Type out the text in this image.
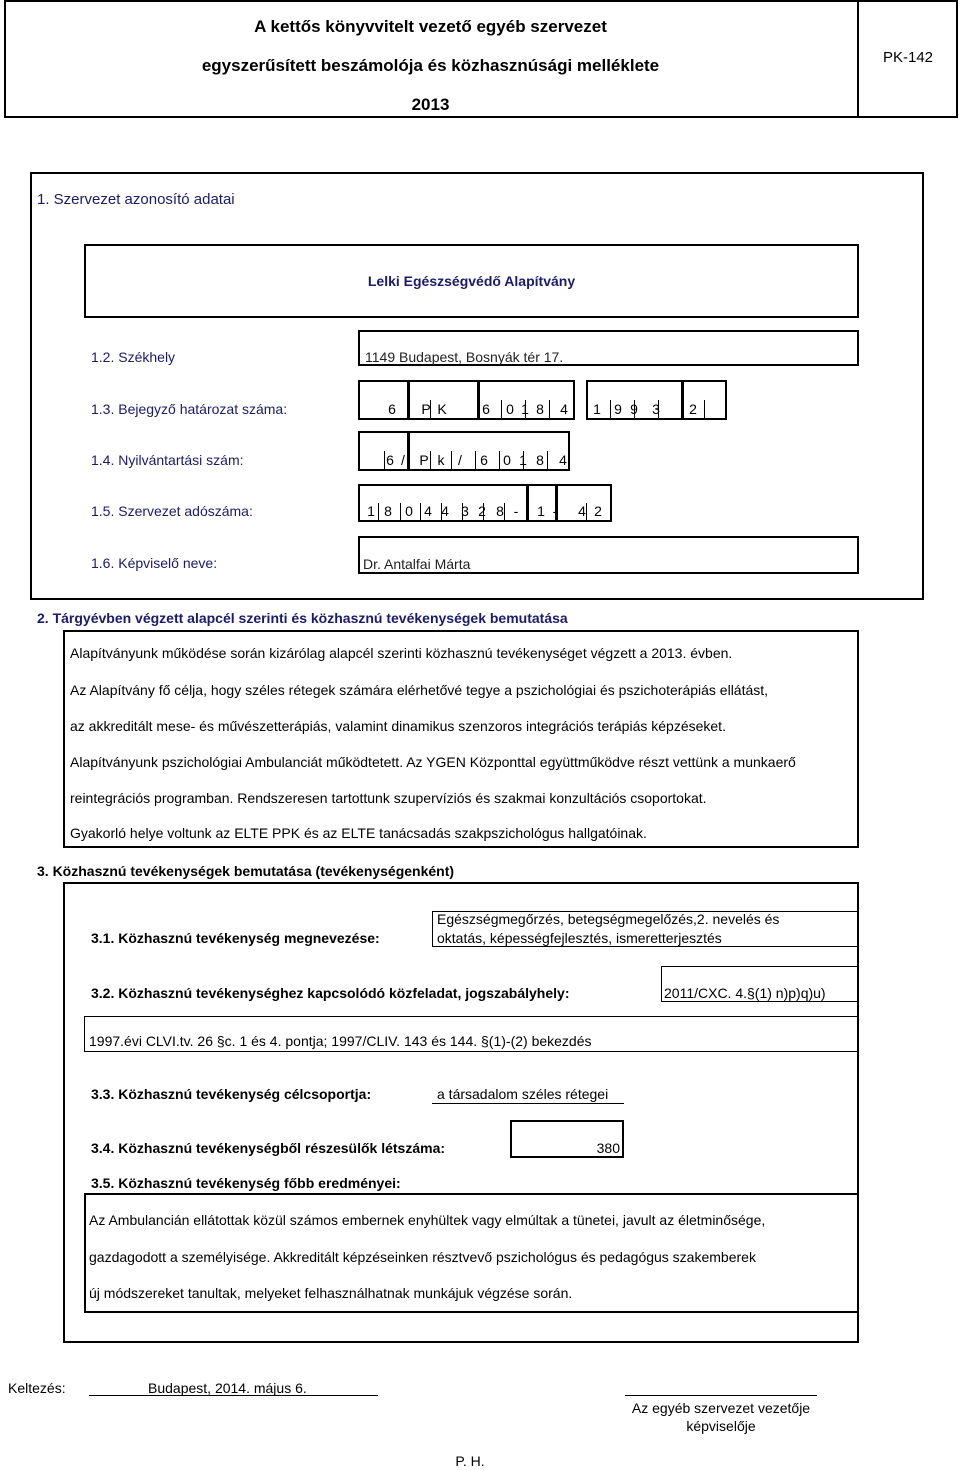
A kettős könyvvitelt vezető egyéb szervezet
egyszerűsített beszámolója és közhasznúsági melléklete
2013
PK-142
1. Szervezet azonosító adatai
Lelki Egészségvédő Alapítvány
1.2. Székhely	1149 Budapest, Bosnyák tér 17.
1.3. Bejegyző határozat száma:	6 P K	6 0 1 8 4 1 9 9 3 2
1.4. Nyilvántartási szám:	6 /	P k /	6 0 1 8 4
1.5. Szervezet adószáma:	1 8 0 4 4 3 2 8 -	1 -	4 2
1.6. Képviselő neve:	Dr. Antalfai Márta
2. Tárgyévben végzett alapcél szerinti és közhasznú tevékenységek bemutatása
Alapítványunk működése során kizárólag alapcél szerinti közhasznú tevékenységet végzett a 2013. évben.
Az Alapítvány fő célja, hogy széles rétegek számára elérhetővé tegye a pszichológiai és pszichoterápiás ellátást,
az akkreditált mese- és művészetterápiás, valamint dinamikus szenzoros integrációs terápiás képzéseket.
Alapítványunk pszichológiai Ambulanciát működtetett. Az YGEN Központtal együttműködve részt vettünk a munkaerő
reintegrációs programban. Rendszeresen tartottunk szupervíziós és szakmai konzultációs csoportokat.
Gyakorló helye voltunk az ELTE PPK és az ELTE tanácsadás szakpszichológus hallgatóinak.
3. Közhasznú tevékenységek bemutatása (tevékenységenként)
3.1. Közhasznú tevékenység megnevezése:
Egészségmegőrzés, betegségmegelőzés,2. nevelés és
oktatás, képességfejlesztés, ismeretterjesztés
3.2. Közhasznú tevékenységhez kapcsolódó közfeladat, jogszabályhely:	2011/CXC. 4.§(1) n)p)q)u)
1997.évi CLVI.tv. 26 §c. 1 és 4. pontja; 1997/CLIV. 143 és 144. §(1)-(2) bekezdés
3.3. Közhasznú tevékenység célcsoportja:	a társadalom széles rétegei
3.4. Közhasznú tevékenységből részesülők létszáma:	380
3.5. Közhasznú tevékenység főbb eredményei:
Az Ambulancián ellátottak közül számos embernek enyhültek vagy elmúltak a tünetei, javult az életminősége,
gazdagodott a személyisége. Akkreditált képzéseinken résztvevő pszichológus és pedagógus szakemberek
új módszereket tanultak, melyeket felhasználhatnak munkájuk végzése során.
Keltezés:	Budapest, 2014. május 6.
Az egyéb szervezet vezetője
képviselője
P. H.
